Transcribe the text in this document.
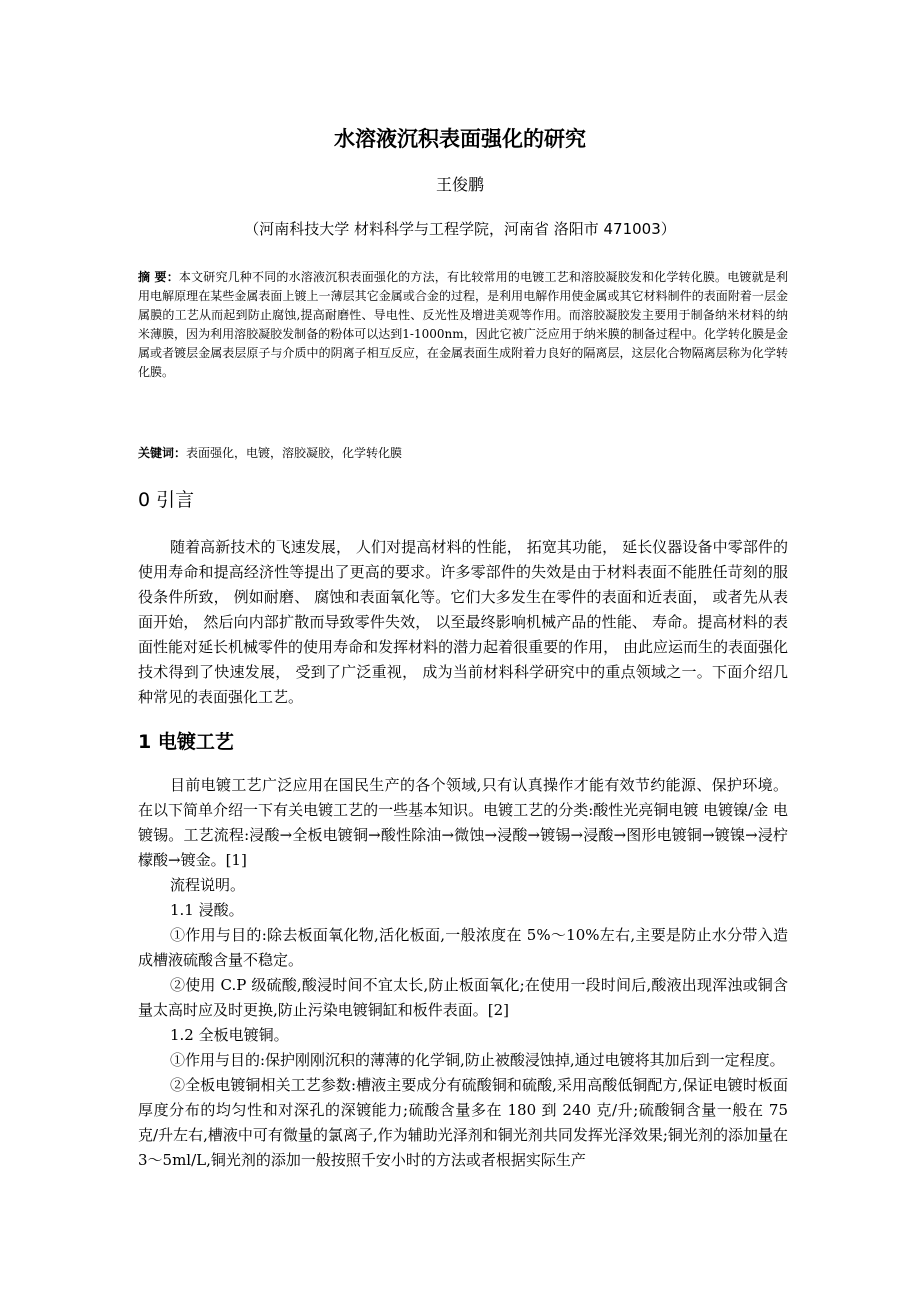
水溶液沉积表面强化的研究
王俊鹏
（河南科技大学 材料科学与工程学院，河南省 洛阳市 471003）
摘 要：本文研究几种不同的水溶液沉积表面强化的方法，有比较常用的电镀工艺和溶胶凝胶发和化学转化膜。电镀就是利用电解原理在某些金属表面上镀上一薄层其它金属或合金的过程，是利用电解作用使金属或其它材料制件的表面附着一层金属膜的工艺从而起到防止腐蚀,提高耐磨性、导电性、反光性及增进美观等作用。而溶胶凝胶发主要用于制备纳米材料的纳米薄膜，因为利用溶胶凝胶发制备的粉体可以达到1-1000nm，因此它被广泛应用于纳米膜的制备过程中。化学转化膜是金属或者镀层金属表层原子与介质中的阴离子相互反应，在金属表面生成附着力良好的隔离层，这层化合物隔离层称为化学转化膜。
关键词：表面强化，电镀，溶胶凝胶，化学转化膜
0 引言
随着高新技术的飞速发展， 人们对提高材料的性能， 拓宽其功能， 延长仪器设备中零部件的使用寿命和提高经济性等提出了更高的要求。许多零部件的失效是由于材料表面不能胜任苛刻的服役条件所致， 例如耐磨、 腐蚀和表面氧化等。它们大多发生在零件的表面和近表面， 或者先从表面开始， 然后向内部扩散而导致零件失效， 以至最终影响机械产品的性能、 寿命。提高材料的表面性能对延长机械零件的使用寿命和发挥材料的潜力起着很重要的作用， 由此应运而生的表面强化技术得到了快速发展， 受到了广泛重视， 成为当前材料科学研究中的重点领域之一。下面介绍几种常见的表面强化工艺。
1 电镀工艺

目前电镀工艺广泛应用在国民生产的各个领域,只有认真操作才能有效节约能源、保护环境。在以下简单介绍一下有关电镀工艺的一些基本知识。电镀工艺的分类:酸性光亮铜电镀 电镀镍/金 电镀锡。工艺流程:浸酸→全板电镀铜→酸性除油→微蚀→浸酸→镀锡→浸酸→图形电镀铜→镀镍→浸柠檬酸→镀金。[1]

流程说明。

1.1 浸酸。

①作用与目的:除去板面氧化物,活化板面,一般浓度在 5%～10%左右,主要是防止水分带入造成槽液硫酸含量不稳定。

②使用 C.P 级硫酸,酸浸时间不宜太长,防止板面氧化;在使用一段时间后,酸液出现浑浊或铜含量太高时应及时更换,防止污染电镀铜缸和板件表面。[2]

1.2 全板电镀铜。

①作用与目的:保护刚刚沉积的薄薄的化学铜,防止被酸浸蚀掉,通过电镀将其加后到一定程度。

②全板电镀铜相关工艺参数:槽液主要成分有硫酸铜和硫酸,采用高酸低铜配方,保证电镀时板面厚度分布的均匀性和对深孔的深镀能力;硫酸含量多在 180 到 240 克/升;硫酸铜含量一般在 75 克/升左右,槽液中可有微量的氯离子,作为辅助光泽剂和铜光剂共同发挥光泽效果;铜光剂的添加量在 3～5ml/L,铜光剂的添加一般按照千安小时的方法或者根据实际生产
